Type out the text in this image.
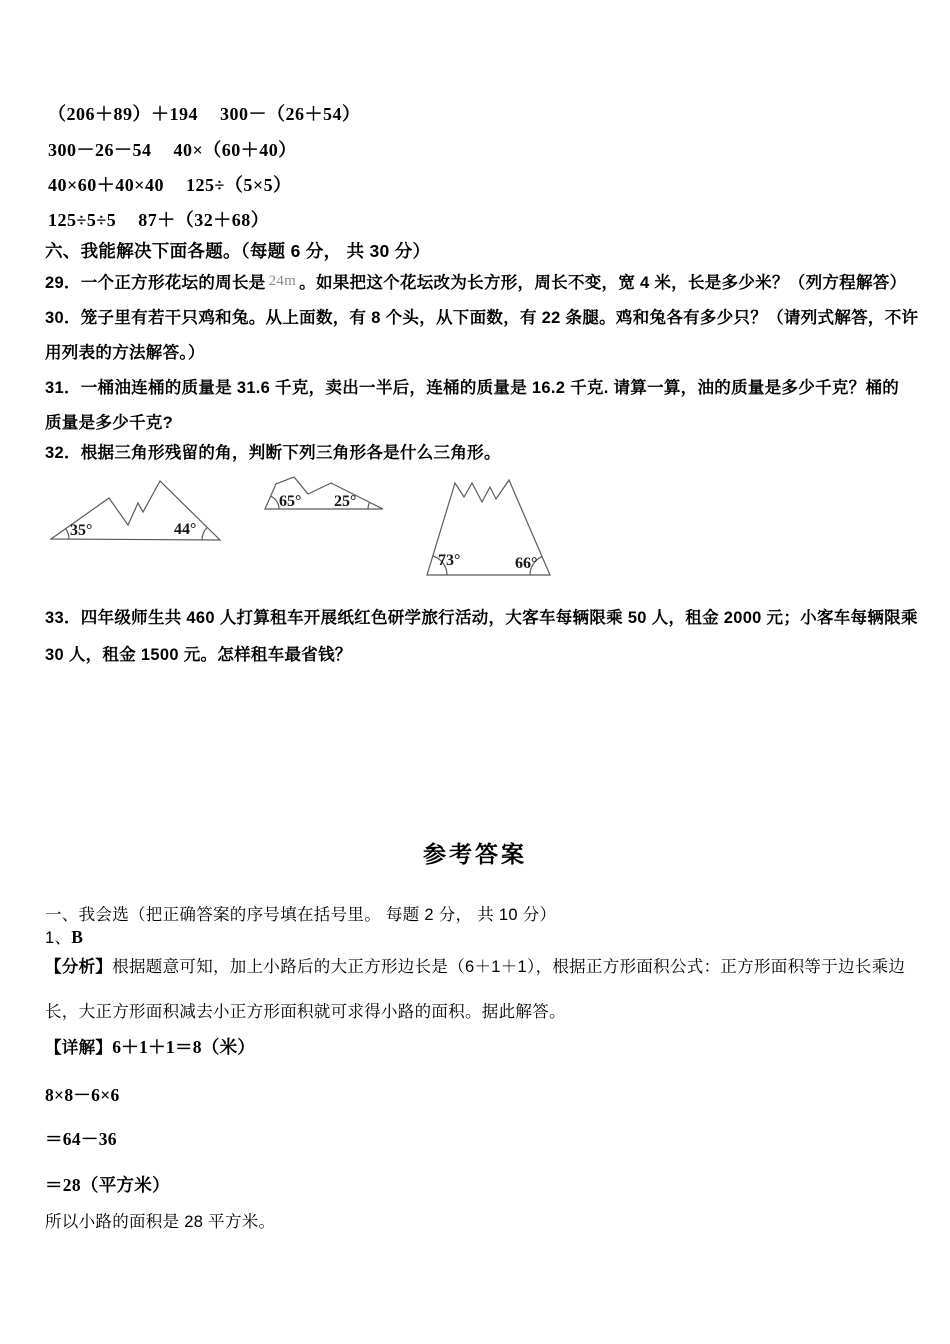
（206＋89）＋194 300－（26＋54）
300－26－54 40×（60＋40）
40×60＋40×40 125÷（5×5）
125÷5÷5 87＋（32＋68）
六、我能解决下面各题。（每题 6 分， 共 30 分）
29．一个正方形花坛的周长是 24m 。如果把这个花坛改为长方形，周长不变，宽 4 米，长是多少米？（列方程解答）
30．笼子里有若干只鸡和兔。从上面数，有 8 个头，从下面数，有 22 条腿。鸡和兔各有多少只？（请列式解答，不许
用列表的方法解答。）
31．一桶油连桶的质量是 31.6 千克，卖出一半后，连桶的质量是 16.2 千克. 请算一算，油的质量是多少千克？桶的
质量是多少千克?
32．根据三角形残留的角，判断下列三角形各是什么三角形。
35°	44°
65° 25°
73°	66°
33．四年级师生共 460 人打算租车开展纸红色研学旅行活动，大客车每辆限乘 50 人，租金 2000 元；小客车每辆限乘
30 人，租金 1500 元。怎样租车最省钱？
参考答案
一、我会选（把正确答案的序号填在括号里。 每题 2 分， 共 10 分）
1、B
【分析】根据题意可知，加上小路后的大正方形边长是（6＋1＋1），根据正方形面积公式：正方形面积等于边长乘边
长，大正方形面积减去小正方形面积就可求得小路的面积。据此解答。
【详解】6＋1＋1＝8（米）
8×8－6×6
＝64－36
＝28（平方米）
所以小路的面积是 28 平方米。
